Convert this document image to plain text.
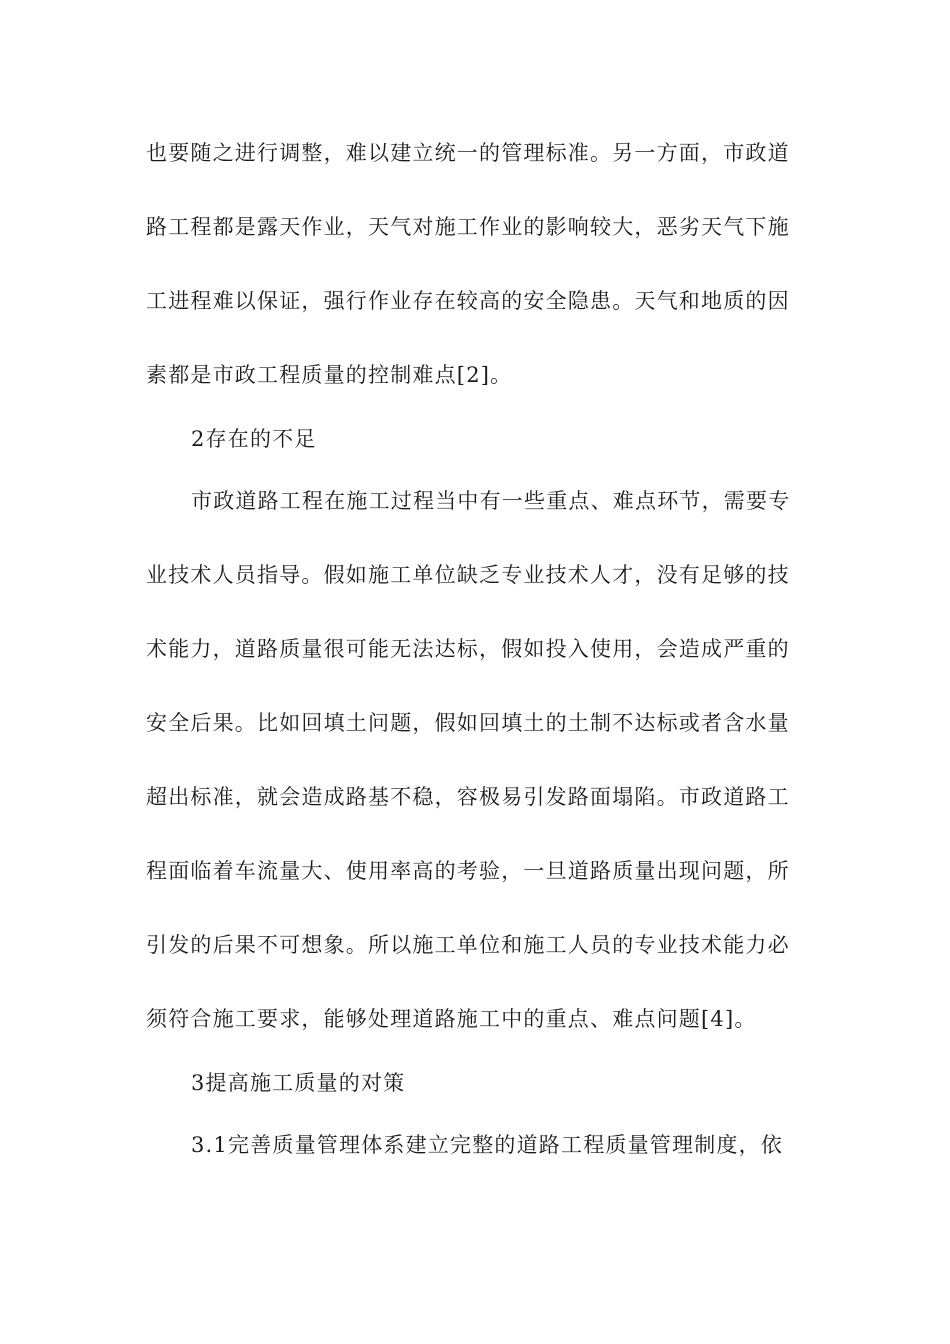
也要随之进行调整，难以建立统一的管理标准。另一方面，市政道
路工程都是露天作业，天气对施工作业的影响较大，恶劣天气下施
工进程难以保证，强行作业存在较高的安全隐患。天气和地质的因
素都是市政工程质量的控制难点[2]。
2存在的不足
市政道路工程在施工过程当中有一些重点、难点环节，需要专
业技术人员指导。假如施工单位缺乏专业技术人才，没有足够的技
术能力，道路质量很可能无法达标，假如投入使用，会造成严重的
安全后果。比如回填土问题，假如回填土的土制不达标或者含水量
超出标准，就会造成路基不稳，容极易引发路面塌陷。市政道路工
程面临着车流量大、使用率高的考验，一旦道路质量出现问题，所
引发的后果不可想象。所以施工单位和施工人员的专业技术能力必
须符合施工要求，能够处理道路施工中的重点、难点问题[4]。
3提高施工质量的对策
3.1完善质量管理体系建立完整的道路工程质量管理制度，依
